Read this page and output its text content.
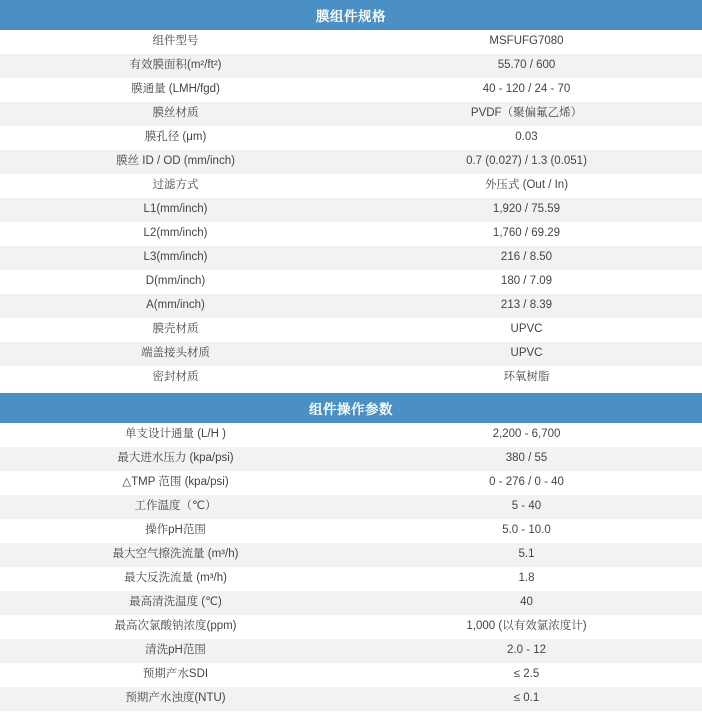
膜组件规格	
组件型号	MSFUFG7080
有效膜面积(m²/ft²)	55.70 / 600
膜通量 (LMH/fgd)	40 - 120 / 24 - 70
膜丝材质	PVDF（聚偏氟乙烯）
膜孔径 (μm)	0.03
膜丝 ID / OD (mm/inch)	0.7 (0.027) / 1.3 (0.051)
过滤方式	外压式 (Out / In)
L1(mm/inch)	1,920 / 75.59
L2(mm/inch)	1,760 / 69.29
L3(mm/inch)	216 / 8.50
D(mm/inch)	180 / 7.09
A(mm/inch)	213 / 8.39
膜壳材质	UPVC
端盖接头材质	UPVC
密封材质	环氧树脂

组件操作参数	
单支设计通量 (L/H )	2,200 - 6,700
最大进水压力 (kpa/psi)	380 / 55
△TMP 范围 (kpa/psi)	0 - 276 / 0 - 40
工作温度（℃）	5 - 40
操作pH范围	5.0 - 10.0
最大空气擦洗流量 (m³/h)	5.1
最大反洗流量 (m³/h)	1.8
最高清洗温度 (℃)	40
最高次氯酸钠浓度(ppm)	1,000 (以有效氯浓度计)
清洗pH范围	2.0 - 12
预期产水SDI	≤ 2.5
预期产水浊度(NTU)	≤ 0.1
